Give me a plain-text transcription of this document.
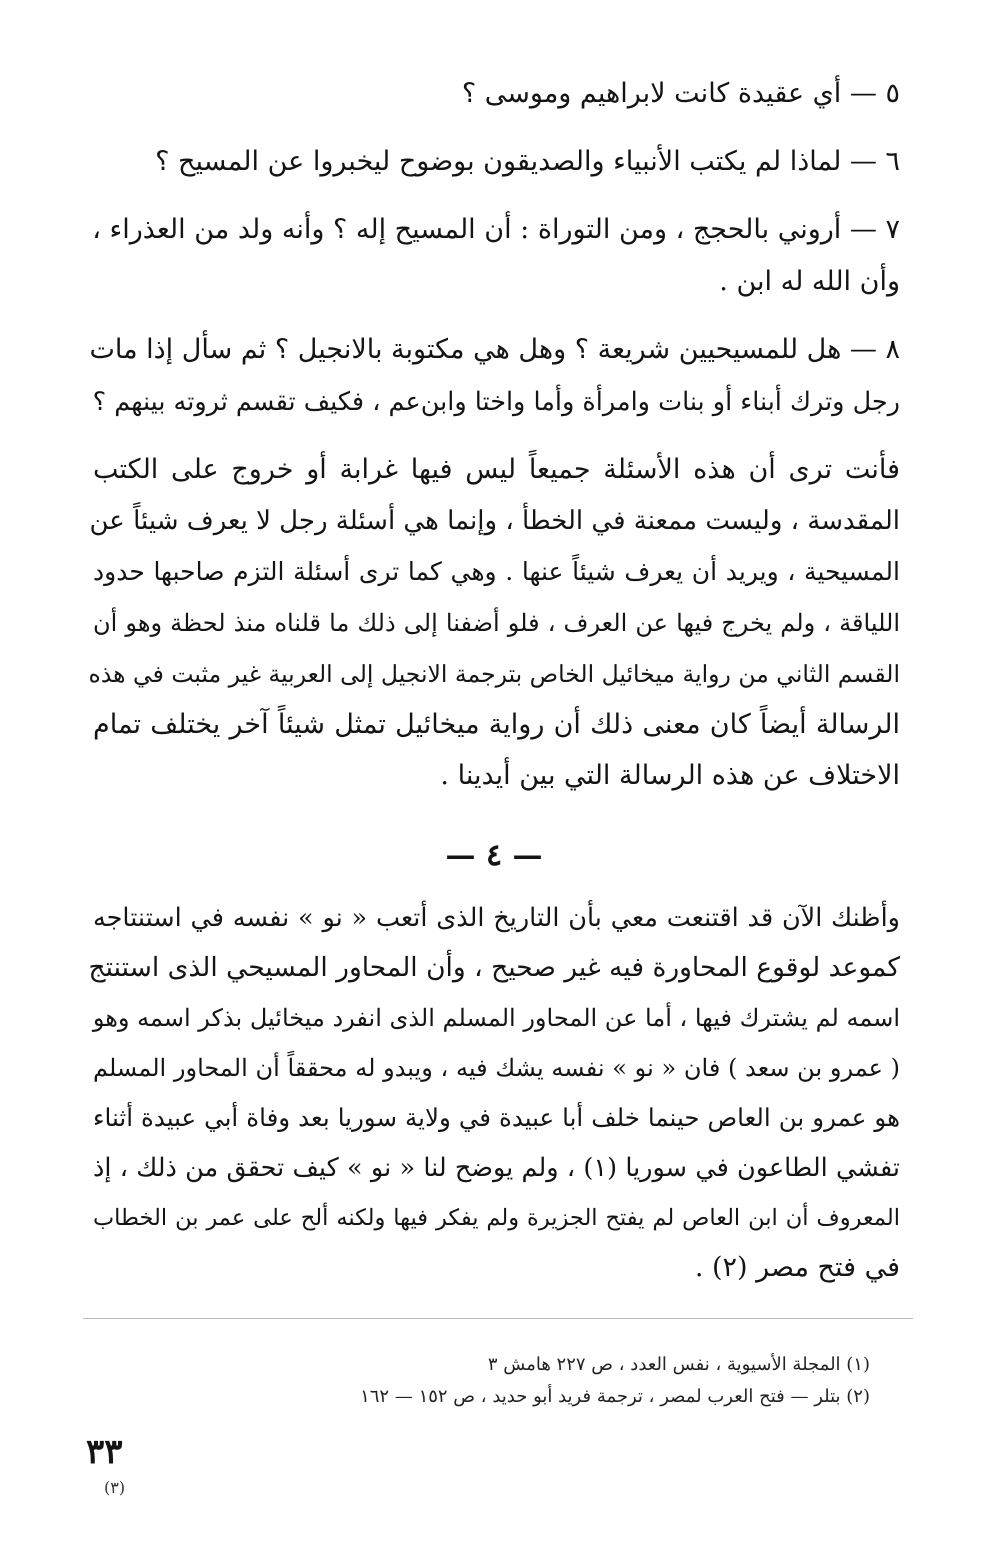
٥ — أي عقيدة كانت لابراهيم وموسى ؟
٦ — لماذا لم يكتب الأنبياء والصديقون بوضوح ليخبروا عن المسيح ؟
٧ — أروني بالحجج ، ومن التوراة : أن المسيح إله ؟ وأنه ولد من العذراء ،
وأن الله له ابن .
٨ — هل للمسيحيين شريعة ؟ وهل هي مكتوبة بالانجيل ؟ ثم سأل إذا مات
رجل وترك أبناء أو بنات وامرأة وأما واختا وابن‌عم ، فكيف تقسم ثروته بينهم ؟
فأنت ترى أن هذه الأسئلة جميعاً ليس فيها غرابة أو خروج على الكتب
المقدسة ، وليست ممعنة في الخطأ ، وإنما هي أسئلة رجل لا يعرف شيئاً عن
المسيحية ، ويريد أن يعرف شيئاً عنها . وهي كما ترى أسئلة التزم صاحبها حدود
اللياقة ، ولم يخرج فيها عن العرف ، فلو أضفنا إلى ذلك ما قلناه منذ لحظة وهو أن
القسم الثاني من رواية ميخائيل الخاص بترجمة الانجيل إلى العربية غير مثبت في هذه
الرسالة أيضاً كان معنى ذلك أن رواية ميخائيل تمثل شيئاً آخر يختلف تمام
الاختلاف عن هذه الرسالة التي بين أيدينا .
— ٤ —
وأظنك الآن قد اقتنعت معي بأن التاريخ الذى أتعب « نو » نفسه في استنتاجه
كموعد لوقوع المحاورة فيه غير صحيح ، وأن المحاور المسيحي الذى استنتج
اسمه لم يشترك فيها ، أما عن المحاور المسلم الذى انفرد ميخائيل بذكر اسمه وهو
( عمرو بن سعد ) فان « نو » نفسه يشك فيه ، ويبدو له محققاً أن المحاور المسلم
هو عمرو بن العاص حينما خلف أبا عبيدة في ولاية سوريا بعد وفاة أبي عبيدة أثناء
تفشي الطاعون في سوريا (١) ، ولم يوضح لنا « نو » كيف تحقق من ذلك ، إذ
المعروف أن ابن العاص لم يفتح الجزيرة ولم يفكر فيها ولكنه ألح على عمر بن الخطاب
في فتح مصر (٢) .
(١) المجلة الأسيوية ، نفس العدد ، ص ٢٢٧ هامش ٣
(٢) بتلر — فتح العرب لمصر ، ترجمة فريد أبو حديد ، ص ١٥٢ — ١٦٢
٣٣
(٣)
